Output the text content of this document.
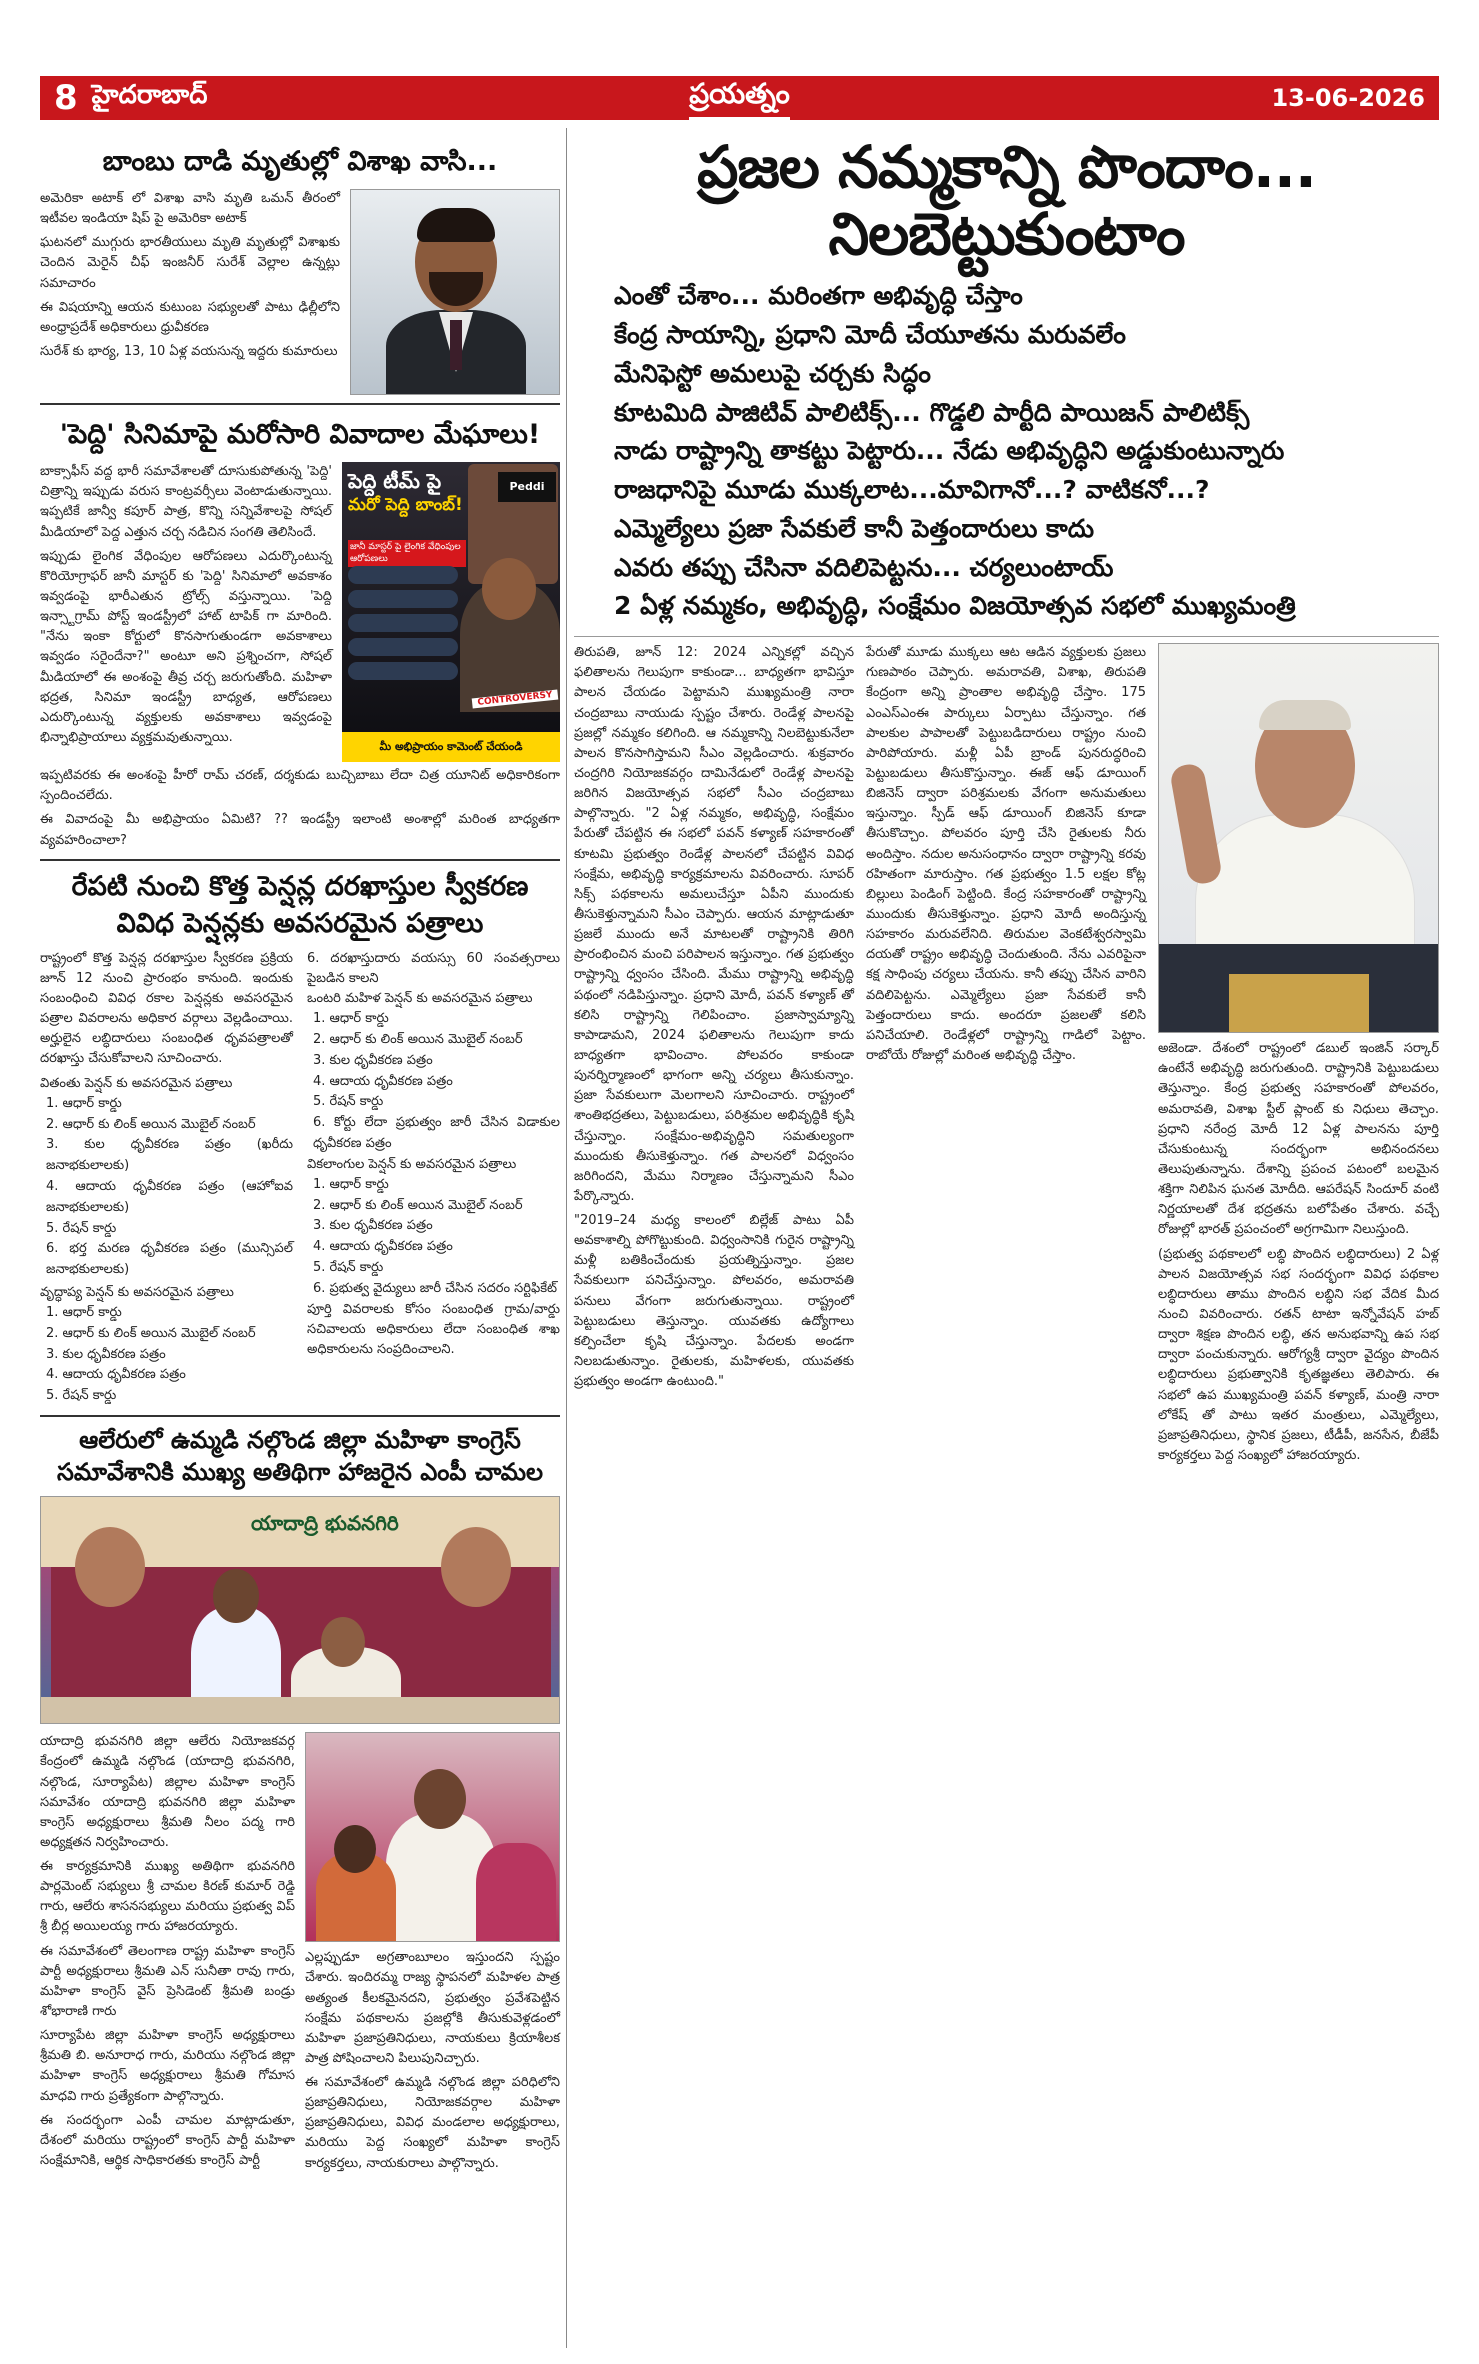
8 హైదరాబాద్	ప్రయత్నం	13-06-2026
బాంబు దాడి మృతుల్లో విశాఖ వాసి...

అమెరికా అటాక్ లో విశాఖ వాసి మృతి ఒమన్ తీరంలో ఇటీవల ఇండియా షిప్ పై అమెరికా అటాక్

ఘటనలో ముగ్గురు భారతీయులు మృతి మృతుల్లో విశాఖకు చెందిన మెరైన్ చీఫ్ ఇంజనీర్ సురేశ్ వెల్లాల ఉన్నట్లు సమాచారం

ఈ విషయాన్ని ఆయన కుటుంబ సభ్యులతో పాటు ఢిల్లీలోని అంధ్రాప్రదేశ్ అధికారులు ధ్రువీకరణ

సురేశ్ కు భార్య, 13, 10 ఏళ్ల వయసున్న ఇద్దరు కుమారులు

'పెద్ది' సినిమాపై మరోసారి వివాదాల మేఘాలు!

బాక్సాఫీస్ వద్ద భారీ సమావేశాలతో దూసుకుపోతున్న 'పెద్ది' చిత్రాన్ని ఇప్పుడు వరుస కాంట్రవర్సీలు వెంటాడుతున్నాయి. ఇప్పటికే జాన్వీ కపూర్ పాత్ర, కొన్ని సన్నివేశాలపై సోషల్ మీడియాలో పెద్ద ఎత్తున చర్చ నడిచిన సంగతి తెలిసిందే.

ఇప్పుడు లైంగిక వేధింపుల ఆరోపణలు ఎదుర్కొంటున్న కొరియోగ్రాఫర్ జానీ మాస్టర్ కు 'పెద్ది' సినిమాలో అవకాశం ఇవ్వడంపై భారీఎతున ట్రోల్స్ వస్తున్నాయి. 'పెద్ది ఇన్స్టాగ్రామ్ పోస్ట్ ఇండస్ట్రీలో హాట్ టాపిక్ గా మారింది. "నేను ఇంకా కోర్టులో కొనసాగుతుండగా అవకాశాలు ఇవ్వడం సరైందేనా?" అంటూ అని ప్రశ్నించగా, సోషల్ మీడియాలో ఈ అంశంపై తీవ్ర చర్చ జరుగుతోంది. మహిళా భద్రత, సినిమా ఇండస్ట్రీ బాధ్యత, ఆరోపణలు ఎదుర్కొంటున్న వ్యక్తులకు అవకాశాలు ఇవ్వడంపై భిన్నాభిప్రాయాలు వ్యక్తమవుతున్నాయి.

పెద్ది టీమ్ పై
మరో పెద్ది బాంబ్!
జానీ మాస్టర్ పై లైంగిక వేధింపుల ఆరోపణలు
Peddi
CONTROVERSY
మీ అభిప్రాయం కామెంట్ చేయండి

ఇప్పటివరకు ఈ అంశంపై హీరో రామ్ చరణ్, దర్శకుడు బుచ్చిబాబు లేదా చిత్ర యూనిట్ అధికారికంగా స్పందించలేదు.

ఈ వివాదంపై మీ అభిప్రాయం ఏమిటి? ?? ఇండస్ట్రీ ఇలాంటి అంశాల్లో మరింత బాధ్యతగా వ్యవహరించాలా?

రేపటి నుంచి కొత్త పెన్షన్ల దరఖాస్తుల స్వీకరణ
వివిధ పెన్షన్లకు అవసరమైన పత్రాలు
రాష్ట్రంలో కొత్త పెన్షన్ల దరఖాస్తుల స్వీకరణ ప్రక్రియ జూన్ 12 నుంచి ప్రారంభం కానుంది. ఇందుకు సంబంధించి వివిధ రకాల పెన్షన్లకు అవసరమైన పత్రాల వివరాలను అధికార వర్గాలు వెల్లడించాయి. అర్హులైన లబ్ధిదారులు సంబంధిత ధృవపత్రాలతో దరఖాస్తు చేసుకోవాలని సూచించారు.
వితంతు పెన్షన్ కు అవసరమైన పత్రాలు
1. ఆధార్ కార్డు
2. ఆధార్ కు లింక్ అయిన మొబైల్ నంబర్
3. కుల ధృవీకరణ పత్రం (ఖరీదు జనాభకులాలకు)
4. ఆదాయ ధృవీకరణ పత్రం (ఆహోఐవ జనాభకులాలకు)
5. రేషన్ కార్డు
6. భర్త మరణ ధృవీకరణ పత్రం (మున్సిపల్ జనాభకులాలకు)
వృద్ధాప్య పెన్షన్ కు అవసరమైన పత్రాలు
1. ఆధార్ కార్డు
2. ఆధార్ కు లింక్ అయిన మొబైల్ నంబర్
3. కుల ధృవీకరణ పత్రం
4. ఆదాయ ధృవీకరణ పత్రం
5. రేషన్ కార్డు
6. దరఖాస్తుదారు వయస్సు 60 సంవత్సరాలు పైబడిన కాలని
ఒంటరి మహిళ పెన్షన్ కు అవసరమైన పత్రాలు
1. ఆధార్ కార్డు
2. ఆధార్ కు లింక్ అయిన మొబైల్ నంబర్
3. కుల ధృవీకరణ పత్రం
4. ఆదాయ ధృవీకరణ పత్రం
5. రేషన్ కార్డు
6. కోర్టు లేదా ప్రభుత్వం జారీ చేసిన విడాకుల ధృవీకరణ పత్రం
వికలాంగుల పెన్షన్ కు అవసరమైన పత్రాలు
1. ఆధార్ కార్డు
2. ఆధార్ కు లింక్ అయిన మొబైల్ నంబర్
3. కుల ధృవీకరణ పత్రం
4. ఆదాయ ధృవీకరణ పత్రం
5. రేషన్ కార్డు
6. ప్రభుత్వ వైద్యులు జారీ చేసిన సదరం సర్టిఫికేట్
పూర్తి వివరాలకు కోసం సంబంధిత గ్రామ/వార్డు సచివాలయ అధికారులు లేదా సంబంధిత శాఖ అధికారులను సంప్రదించాలని.
ఆలేరులో ఉమ్మడి నల్గొండ జిల్లా మహిళా కాంగ్రెస్
సమావేశానికి ముఖ్య అతిథిగా హాజరైన ఎంపీ చామల
యాదాద్రి భువనగిరి

యాదాద్రి భువనగిరి జిల్లా ఆలేరు నియోజకవర్గ కేంద్రంలో ఉమ్మడి నల్గొండ (యాదాద్రి భువనగిరి, నల్గొండ, సూర్యాపేట) జిల్లాల మహిళా కాంగ్రెస్ సమావేశం యాదాద్రి భువనగిరి జిల్లా మహిళా కాంగ్రెస్ అధ్యక్షురాలు శ్రీమతి నీలం పద్మ గారి అధ్యక్షతన నిర్వహించారు.

ఈ కార్యక్రమానికి ముఖ్య అతిథిగా భువనగిరి పార్లమెంట్ సభ్యులు శ్రీ చామల కిరణ్ కుమార్ రెడ్డి గారు, ఆలేరు శాసనసభ్యులు మరియు ప్రభుత్వ విప్ శ్రీ బీర్ల అయిలయ్య గారు హాజరయ్యారు.

ఈ సమావేశంలో తెలంగాణ రాష్ట్ర మహిళా కాంగ్రెస్ పార్టీ అధ్యక్షురాలు శ్రీమతి ఎన్ సునీతా రావు గారు, మహిళా కాంగ్రెస్ వైస్ ప్రెసిడెంట్ శ్రీమతి బండ్రు శోభారాణి గారు

సూర్యాపేట జిల్లా మహిళా కాంగ్రెస్ అధ్యక్షురాలు శ్రీమతి బి. అనూరాధ గారు, మరియు నల్గొండ జిల్లా మహిళా కాంగ్రెస్ అధ్యక్షురాలు శ్రీమతి గోమాస మాధవి గారు ప్రత్యేకంగా పాల్గొన్నారు.

ఈ సందర్భంగా ఎంపీ చామల మాట్లాడుతూ, దేశంలో మరియు రాష్ట్రంలో కాంగ్రెస్ పార్టీ మహిళా సంక్షేమానికి, ఆర్థిక సాధికారతకు కాంగ్రెస్ పార్టీ

ఎల్లప్పుడూ అగ్రతాంబూలం ఇస్తుందని స్పష్టం చేశారు. ఇందిరమ్మ రాజ్య స్థాపనలో మహిళల పాత్ర అత్యంత కీలకమైనదని, ప్రభుత్వం ప్రవేశపెట్టిన సంక్షేమ పథకాలను ప్రజల్లోకి తీసుకువెళ్లడంలో మహిళా ప్రజాప్రతినిధులు, నాయకులు క్రియాశీలక పాత్ర పోషించాలని పిలుపునిచ్చారు.

ఈ సమావేశంలో ఉమ్మడి నల్గొండ జిల్లా పరిధిలోని ప్రజాప్రతినిధులు, నియోజకవర్గాల మహిళా ప్రజాప్రతినిధులు, వివిధ మండలాల అధ్యక్షురాలు, మరియు పెద్ద సంఖ్యలో మహిళా కాంగ్రెస్ కార్యకర్తలు, నాయకురాలు పాల్గొన్నారు.

ప్రజల నమ్మకాన్ని పొందాం... నిలబెట్టుకుంటాం
ఎంతో చేశాం... మరింతగా అభివృద్ధి చేస్తాం
కేంద్ర సాయాన్ని, ప్రధాని మోదీ చేయూతను మరువలేం
మేనిఫెస్టో అమలుపై చర్చకు సిద్ధం
కూటమిది పాజిటివ్ పాలిటిక్స్... గొడ్డలి పార్టీది పాయిజన్ పాలిటిక్స్
నాడు రాష్ట్రాన్ని తాకట్టు పెట్టారు... నేడు అభివృద్ధిని అడ్డుకుంటున్నారు
రాజధానిపై మూడు ముక్కలాట...మావిగానో...? వాటికనో...?
ఎమ్మెల్యేలు ప్రజా సేవకులే కానీ పెత్తందారులు కాదు
ఎవరు తప్పు చేసినా వదిలిపెట్టను... చర్యలుంటాయ్
2 ఏళ్ల నమ్మకం, అభివృద్ధి, సంక్షేమం విజయోత్సవ సభలో ముఖ్యమంత్రి

తిరుపతి, జూన్ 12: 2024 ఎన్నికల్లో వచ్చిన ఫలితాలను గెలుపుగా కాకుండా... బాధ్యతగా భావిస్తూ పాలన చేయడం పెట్టామని ముఖ్యమంత్రి నారా చంద్రబాబు నాయుడు స్పష్టం చేశారు. రెండేళ్ల పాలనపై ప్రజల్లో నమ్మకం కలిగింది. ఆ నమ్మకాన్ని నిలబెట్టుకునేలా పాలన కొనసాగిస్తామని సీఎం వెల్లడించారు. శుక్రవారం చంద్రగిరి నియోజకవర్గం దామినేడులో రెండేళ్ల పాలనపై జరిగిన విజయోత్సవ సభలో సీఎం చంద్రబాబు పాల్గొన్నారు. "2 ఏళ్ల నమ్మకం, అభివృద్ధి, సంక్షేమం పేరుతో చేపట్టిన ఈ సభలో పవన్ కళ్యాణ్ సహకారంతో కూటమి ప్రభుత్వం రెండేళ్ల పాలనలో చేపట్టిన వివిధ సంక్షేమ, అభివృద్ధి కార్యక్రమాలను వివరించారు. సూపర్ సిక్స్ పథకాలను అమలుచేస్తూ ఏపీని ముందుకు తీసుకెళ్తున్నామని సీఎం చెప్పారు. ఆయన మాట్లాడుతూ ప్రజలే ముందు అనే మాటలతో రాష్ట్రానికి తిరిగి ప్రారంభించిన మంచి పరిపాలన ఇస్తున్నాం. గత ప్రభుత్వం రాష్ట్రాన్ని ధ్వంసం చేసింది. మేము రాష్ట్రాన్ని అభివృద్ధి పథంలో నడిపిస్తున్నాం. ప్రధాని మోదీ, పవన్ కళ్యాణ్ తో కలిసి రాష్ట్రాన్ని గెలిపించాం. ప్రజాస్వామ్యాన్ని కాపాడామని, 2024 ఫలితాలను గెలుపుగా కాదు బాధ్యతగా భావించాం. పోలవరం కాకుండా పునర్నిర్మాణంలో భాగంగా అన్ని చర్యలు తీసుకున్నాం. ప్రజా సేవకులుగా మెలగాలని సూచించారు. రాష్ట్రంలో శాంతిభద్రతలు, పెట్టుబడులు, పరిశ్రమల అభివృద్ధికి కృషి చేస్తున్నాం. సంక్షేమం-అభివృద్ధిని సమతుల్యంగా ముందుకు తీసుకెళ్తున్నాం. గత పాలనలో విధ్వంసం జరిగిందని, మేము నిర్మాణం చేస్తున్నామని సీఎం పేర్కొన్నారు.

"2019–24 మధ్య కాలంలో బిల్లేజ్ పాటు ఏపీ అవకాశాల్ని పోగొట్టుకుంది. విధ్వంసానికి గురైన రాష్ట్రాన్ని మళ్లీ బతికించేందుకు ప్రయత్నిస్తున్నాం. ప్రజల సేవకులుగా పనిచేస్తున్నాం. పోలవరం, అమరావతి పనులు వేగంగా జరుగుతున్నాయి. రాష్ట్రంలో పెట్టుబడులు తెస్తున్నాం. యువతకు ఉద్యోగాలు కల్పించేలా కృషి చేస్తున్నాం. పేదలకు అండగా నిలబడుతున్నాం. రైతులకు, మహిళలకు, యువతకు ప్రభుత్వం అండగా ఉంటుంది."

పేరుతో మూడు ముక్కలు ఆట ఆడిన వ్యక్తులకు ప్రజలు గుణపాఠం చెప్పారు. అమరావతి, విశాఖ, తిరుపతి కేంద్రంగా అన్ని ప్రాంతాల అభివృద్ధి చేస్తాం. 175 ఎంఎస్ఎంఈ పార్కులు ఏర్పాటు చేస్తున్నాం. గత పాలకుల పాపాలతో పెట్టుబడిదారులు రాష్ట్రం నుంచి పారిపోయారు. మళ్లీ ఏపీ బ్రాండ్ పునరుద్ధరించి పెట్టుబడులు తీసుకొస్తున్నాం. ఈజ్ ఆఫ్ డూయింగ్ బిజినెస్ ద్వారా పరిశ్రమలకు వేగంగా అనుమతులు ఇస్తున్నాం. స్పీడ్ ఆఫ్ డూయింగ్ బిజినెస్ కూడా తీసుకొచ్చాం. పోలవరం పూర్తి చేసి రైతులకు నీరు అందిస్తాం. నదుల అనుసంధానం ద్వారా రాష్ట్రాన్ని కరవు రహితంగా మారుస్తాం. గత ప్రభుత్వం 1.5 లక్షల కోట్ల బిల్లులు పెండింగ్ పెట్టింది. కేంద్ర సహకారంతో రాష్ట్రాన్ని ముందుకు తీసుకెళ్తున్నాం. ప్రధాని మోదీ అందిస్తున్న సహకారం మరువలేనిది. తిరుమల వెంకటేశ్వరస్వామి దయతో రాష్ట్రం అభివృద్ధి చెందుతుంది. నేను ఎవరిపైనా కక్ష సాధింపు చర్యలు చేయను. కానీ తప్పు చేసిన వారిని వదిలిపెట్టను. ఎమ్మెల్యేలు ప్రజా సేవకులే కానీ పెత్తందారులు కాదు. అందరూ ప్రజలతో కలిసి పనిచేయాలి. రెండేళ్లలో రాష్ట్రాన్ని గాడిలో పెట్టాం. రాబోయే రోజుల్లో మరింత అభివృద్ధి చేస్తాం.	అజెండా. దేశంలో రాష్ట్రంలో డబుల్ ఇంజిన్ సర్కార్ ఉంటేనే అభివృద్ధి జరుగుతుంది. రాష్ట్రానికి పెట్టుబడులు తెస్తున్నాం. కేంద్ర ప్రభుత్వ సహకారంతో పోలవరం, అమరావతి, విశాఖ స్టీల్ ప్లాంట్ కు నిధులు తెచ్చాం. ప్రధాని నరేంద్ర మోదీ 12 ఏళ్ల పాలనను పూర్తి చేసుకుంటున్న సందర్భంగా అభినందనలు తెలుపుతున్నాను. దేశాన్ని ప్రపంచ పటంలో బలమైన శక్తిగా నిలిపిన ఘనత మోదీది. ఆపరేషన్ సిందూర్ వంటి నిర్ణయాలతో దేశ భద్రతను బలోపేతం చేశారు. వచ్చే రోజుల్లో భారత్ ప్రపంచంలో అగ్రగామిగా నిలుస్తుంది.

(ప్రభుత్వ పథకాలలో లబ్ధి పొందిన లబ్ధిదారులు) 2 ఏళ్ల పాలన విజయోత్సవ సభ సందర్భంగా వివిధ పథకాల లబ్ధిదారులు తాము పొందిన లబ్ధిని సభ వేదిక మీద నుంచి వివరించారు. రతన్ టాటా ఇన్నోవేషన్ హబ్ ద్వారా శిక్షణ పొందిన లబ్ధి, తన అనుభవాన్ని ఉప సభ ద్వారా పంచుకున్నారు. ఆరోగ్యశ్రీ ద్వారా వైద్యం పొందిన లబ్ధిదారులు ప్రభుత్వానికి కృతజ్ఞతలు తెలిపారు. ఈ సభలో ఉప ముఖ్యమంత్రి పవన్ కళ్యాణ్, మంత్రి నారా లోకేష్ తో పాటు ఇతర మంత్రులు, ఎమ్మెల్యేలు, ప్రజాప్రతినిధులు, స్థానిక ప్రజలు, టీడీపీ, జనసేన, బీజేపీ కార్యకర్తలు పెద్ద సంఖ్యలో హాజరయ్యారు.
